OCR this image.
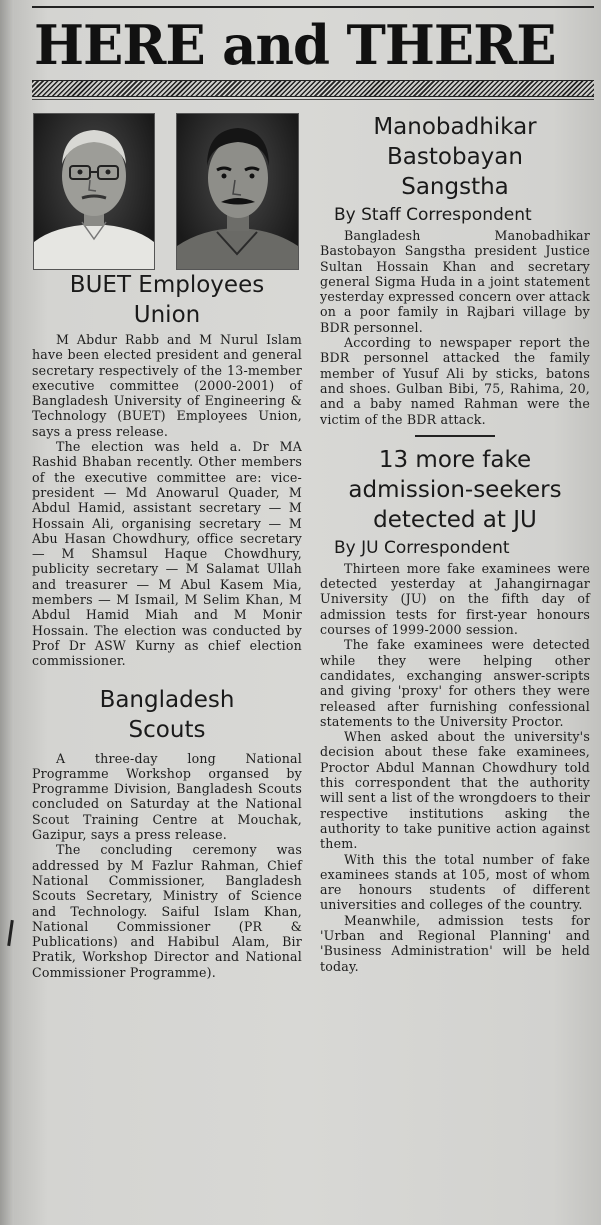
HERE and THERE
Manobadhikar
Bastobayan
Sangstha
By Staff Correspondent

Bangladesh Manobadhikar Bastobayon Sangstha president Justice Sultan Hossain Khan and secretary general Sigma Huda in a joint statement yesterday expressed concern over attack on a poor family in Rajbari village by BDR personnel.

According to newspaper report the BDR personnel attacked the family member of Yusuf Ali by sticks, batons and shoes. Gulban Bibi, 75, Rahima, 20, and a baby named Rahman were the victim of the BDR attack.

13 more fake
admission-seekers
detected at JU
By JU Correspondent

Thirteen more fake examinees were detected yesterday at Jahangirnagar University (JU) on the fifth day of admission tests for first-year honours courses of 1999-2000 session.

The fake examinees were detected while they were helping other candidates, exchanging answer-scripts and giving 'proxy' for others they were released after furnishing confessional statements to the University Proctor.

When asked about the university's decision about these fake examinees, Proctor Abdul Mannan Chowdhury told this correspondent that the authority will sent a list of the wrongdoers to their respective institutions asking the authority to take punitive action against them.

With this the total number of fake examinees stands at 105, most of whom are honours students of different universities and colleges of the country.

Meanwhile, admission tests for 'Urban and Regional Planning' and 'Business Administration' will be held today.

BUET Employees
Union

M Abdur Rabb and M Nurul Islam have been elected president and general secretary respectively of the 13-member executive committee (2000-2001) of Bangladesh University of Engineering & Technology (BUET) Employees Union, says a press release.

The election was held a. Dr MA Rashid Bhaban recently. Other members of the executive committee are: vice-president — Md Anowarul Quader, M Abdul Hamid, assistant secretary — M Hossain Ali, organising secretary — M Abu Hasan Chowdhury, office secretary — M Shamsul Haque Chowdhury, publicity secretary — M Salamat Ullah and treasurer — M Abul Kasem Mia, members — M Ismail, M Selim Khan, M Abdul Hamid Miah and M Monir Hossain. The election was conducted by Prof Dr ASW Kurny as chief election commissioner.

Bangladesh
Scouts

A three-day long National Programme Workshop organsed by Programme Division, Bangladesh Scouts concluded on Saturday at the National Scout Training Centre at Mouchak, Gazipur, says a press release.

The concluding ceremony was addressed by M Fazlur Rahman, Chief National Commissioner, Bangladesh Scouts Secretary, Ministry of Science and Technology. Saiful Islam Khan, National Commissioner (PR & Publications) and Habibul Alam, Bir Pratik, Workshop Director and National Commissioner Programme).
